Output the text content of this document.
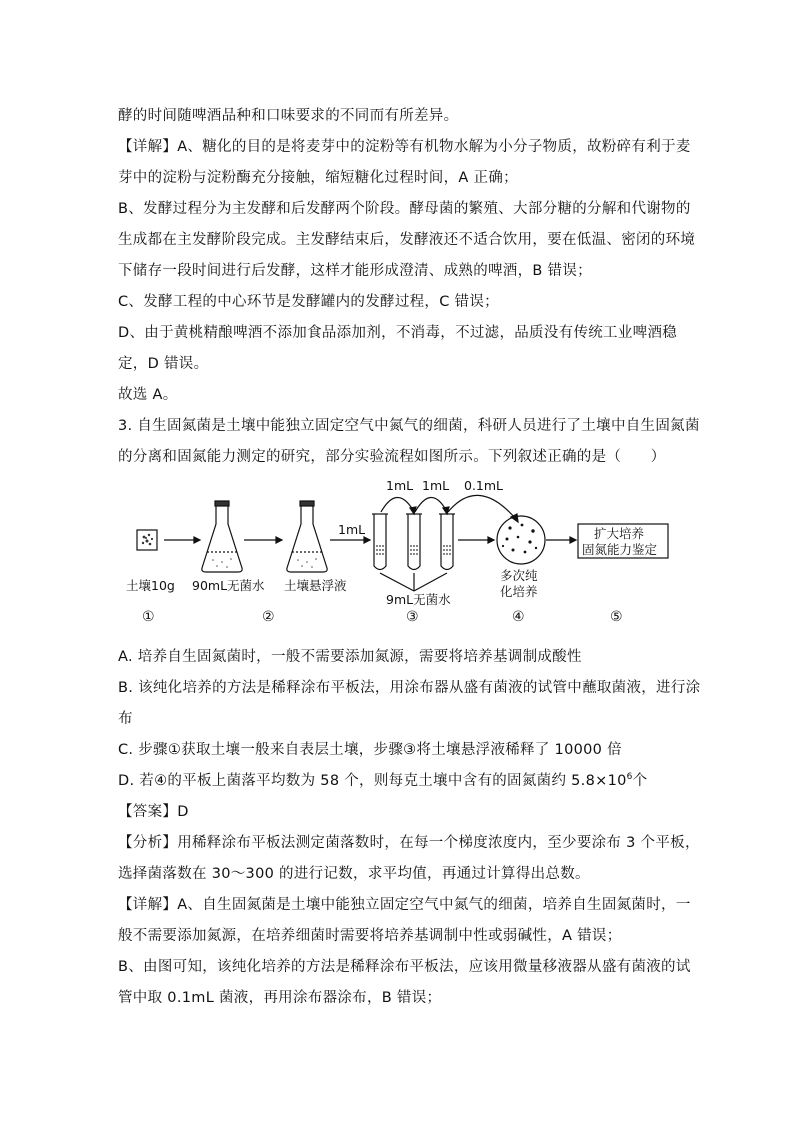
酵的时间随啤酒品种和口味要求的不同而有所差异。
【详解】A、糖化的目的是将麦芽中的淀粉等有机物水解为小分子物质，故粉碎有利于麦
芽中的淀粉与淀粉酶充分接触，缩短糖化过程时间，A 正确；
B、发酵过程分为主发酵和后发酵两个阶段。酵母菌的繁殖、大部分糖的分解和代谢物的
生成都在主发酵阶段完成。主发酵结束后，发酵液还不适合饮用，要在低温、密闭的环境
下储存一段时间进行后发酵，这样才能形成澄清、成熟的啤酒，B 错误；
C、发酵工程的中心环节是发酵罐内的发酵过程，C 错误；
D、由于黄桃精酿啤酒不添加食品添加剂，不消毒，不过滤，品质没有传统工业啤酒稳
定，D 错误。
故选 A。
3. 自生固氮菌是土壤中能独立固定空气中氮气的细菌，科研人员进行了土壤中自生固氮菌
的分离和固氮能力测定的研究，部分实验流程如图所示。下列叙述正确的是（　　）
土壤10g 90mL无菌水 土壤悬浮液
1mL
1mL 1mL 0.1mL
9mL无菌水
多次纯
化培养
扩大培养
固氮能力鉴定
①	②	③	④	⑤
A. 培养自生固氮菌时，一般不需要添加氮源，需要将培养基调制成酸性
B. 该纯化培养的方法是稀释涂布平板法，用涂布器从盛有菌液的试管中蘸取菌液，进行涂
布
C. 步骤①获取土壤一般来自表层土壤，步骤③将土壤悬浮液稀释了 10000 倍
D. 若④的平板上菌落平均数为 58 个，则每克土壤中含有的固氮菌约 $5.8\times 10^6$个
【答案】D
【分析】用稀释涂布平板法测定菌落数时，在每一个梯度浓度内，至少要涂布 3 个平板，
选择菌落数在 30～300 的进行记数，求平均值，再通过计算得出总数。
【详解】A、自生固氮菌是土壤中能独立固定空气中氮气的细菌，培养自生固氮菌时，一
般不需要添加氮源，在培养细菌时需要将培养基调制中性或弱碱性，A 错误；
B、由图可知，该纯化培养的方法是稀释涂布平板法，应该用微量移液器从盛有菌液的试
管中取 0.1mL 菌液，再用涂布器涂布，B 错误；
